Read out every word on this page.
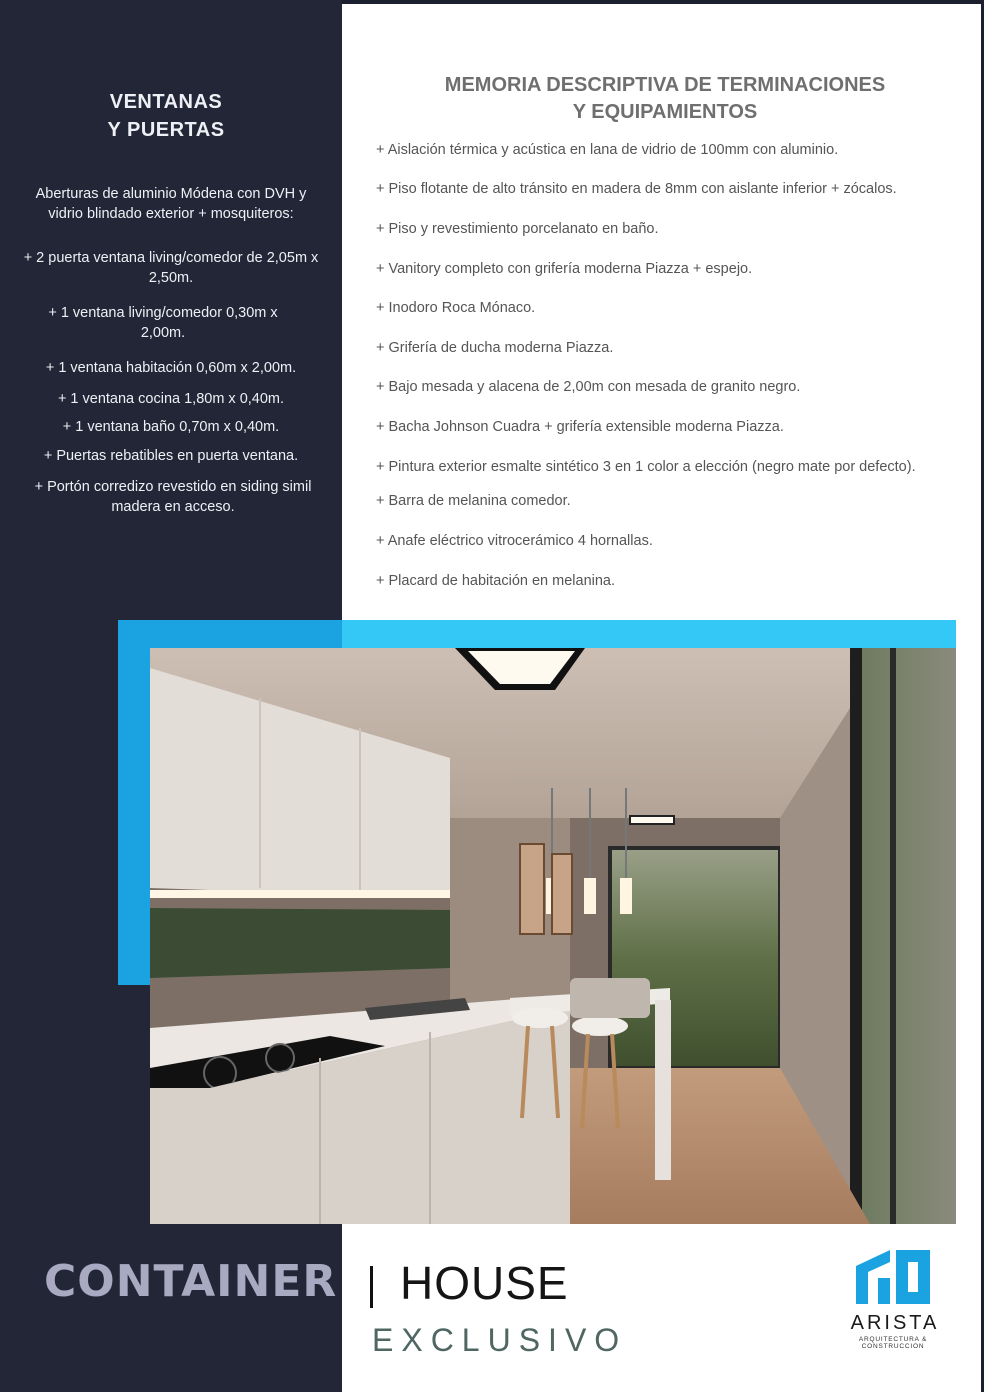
VENTANAS
Y PUERTAS
Aberturas de aluminio Módena con DVH y vidrio blindado exterior + mosquiteros:
+ 2 puerta ventana living/comedor de 2,05m x 2,50m.
+ 1 ventana living/comedor 0,30m x 2,00m.
+ 1 ventana habitación 0,60m x 2,00m.
+ 1 ventana cocina 1,80m x 0,40m.
+ 1 ventana baño 0,70m x 0,40m.
+ Puertas rebatibles en puerta ventana.
+ Portón corredizo revestido en siding simil madera en acceso.
MEMORIA DESCRIPTIVA DE TERMINACIONES
Y EQUIPAMIENTOS
+ Aislación térmica y acústica en lana de vidrio de 100mm con aluminio.
+ Piso flotante de alto tránsito en madera de 8mm con aislante inferior + zócalos.
+ Piso y revestimiento porcelanato en baño.
+ Vanitory completo con grifería moderna Piazza + espejo.
+ Inodoro Roca Mónaco.
+ Grifería de ducha moderna Piazza.
+ Bajo mesada y alacena de 2,00m con mesada de granito negro.
+ Bacha Johnson Cuadra + grifería extensible moderna Piazza.
+ Pintura exterior esmalte sintético 3 en 1 color a elección (negro mate por defecto).
+ Barra de melanina comedor.
+ Anafe eléctrico vitrocerámico 4 hornallas.
+ Placard de habitación en melanina.
CONTAINER HOUSE
EXCLUSIVO	ARISTA
ARQUITECTURA & CONSTRUCCION
